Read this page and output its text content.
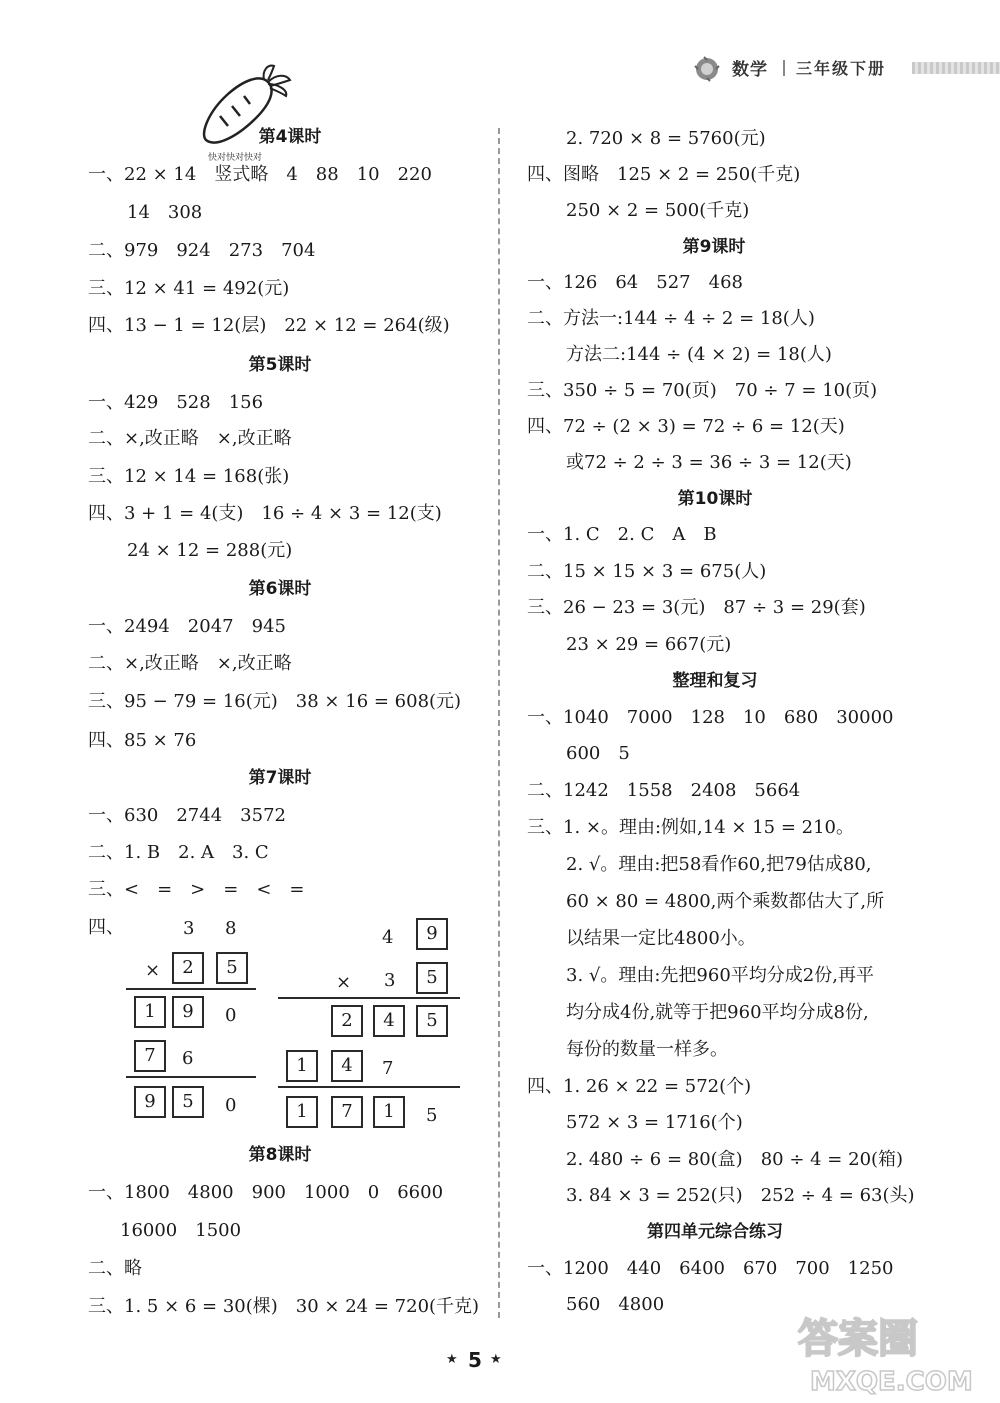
数学 三年级下册
快对快对快对
第4课时
一、22 × 14　竖式略　4　88　10　220
14　308
二、979　924　273　704
三、12 × 41 = 492(元)
四、13 − 1 = 12(层)　22 × 12 = 264(级)
第5课时
一、429　528　156
二、×,改正略　×,改正略
三、12 × 14 = 168(张)
四、3 + 1 = 4(支)　16 ÷ 4 × 3 = 12(支)
24 × 12 = 288(元)
第6课时
一、2494　2047　945
二、×,改正略　×,改正略
三、95 − 79 = 16(元)　38 × 16 = 608(元)
四、85 × 76
第7课时
一、630　2744　3572
二、1. B　2. A　3. C
三、<　=　>　=　<　=
四、	3 8
×	2	5
1	9	0
7	6
9	5	0
4	9
× 3	5
2	4	5
1	4	7
1	7	1	5
第8课时
一、1800　4800　900　1000　0　6600
16000　1500
二、略
三、1. 5 × 6 = 30(棵)　30 × 24 = 720(千克)
2. 720 × 8 = 5760(元)
四、图略　125 × 2 = 250(千克)
250 × 2 = 500(千克)
第9课时
一、126　64　527　468
二、方法一:144 ÷ 4 ÷ 2 = 18(人)
方法二:144 ÷ (4 × 2) = 18(人)
三、350 ÷ 5 = 70(页)　70 ÷ 7 = 10(页)
四、72 ÷ (2 × 3) = 72 ÷ 6 = 12(天)
或72 ÷ 2 ÷ 3 = 36 ÷ 3 = 12(天)
第10课时
一、1. C　2. C　A　B
二、15 × 15 × 3 = 675(人)
三、26 − 23 = 3(元)　87 ÷ 3 = 29(套)
23 × 29 = 667(元)
整理和复习
一、1040　7000　128　10　680　30000
600　5
二、1242　1558　2408　5664
三、1. ×。理由:例如,14 × 15 = 210。
2. √。理由:把58看作60,把79估成80,
60 × 80 = 4800,两个乘数都估大了,所
以结果一定比4800小。
3. √。理由:先把960平均分成2份,再平
均分成4份,就等于把960平均分成8份,
每份的数量一样多。
四、1. 26 × 22 = 572(个)
572 × 3 = 1716(个)
2. 480 ÷ 6 = 80(盒)　80 ÷ 4 = 20(箱)
3. 84 × 3 = 252(只)　252 ÷ 4 = 63(头)
第四单元综合练习
一、1200　440　6400　670　700　1250
560　4800
★ 5 ★	答案圈
MXQE.COM
